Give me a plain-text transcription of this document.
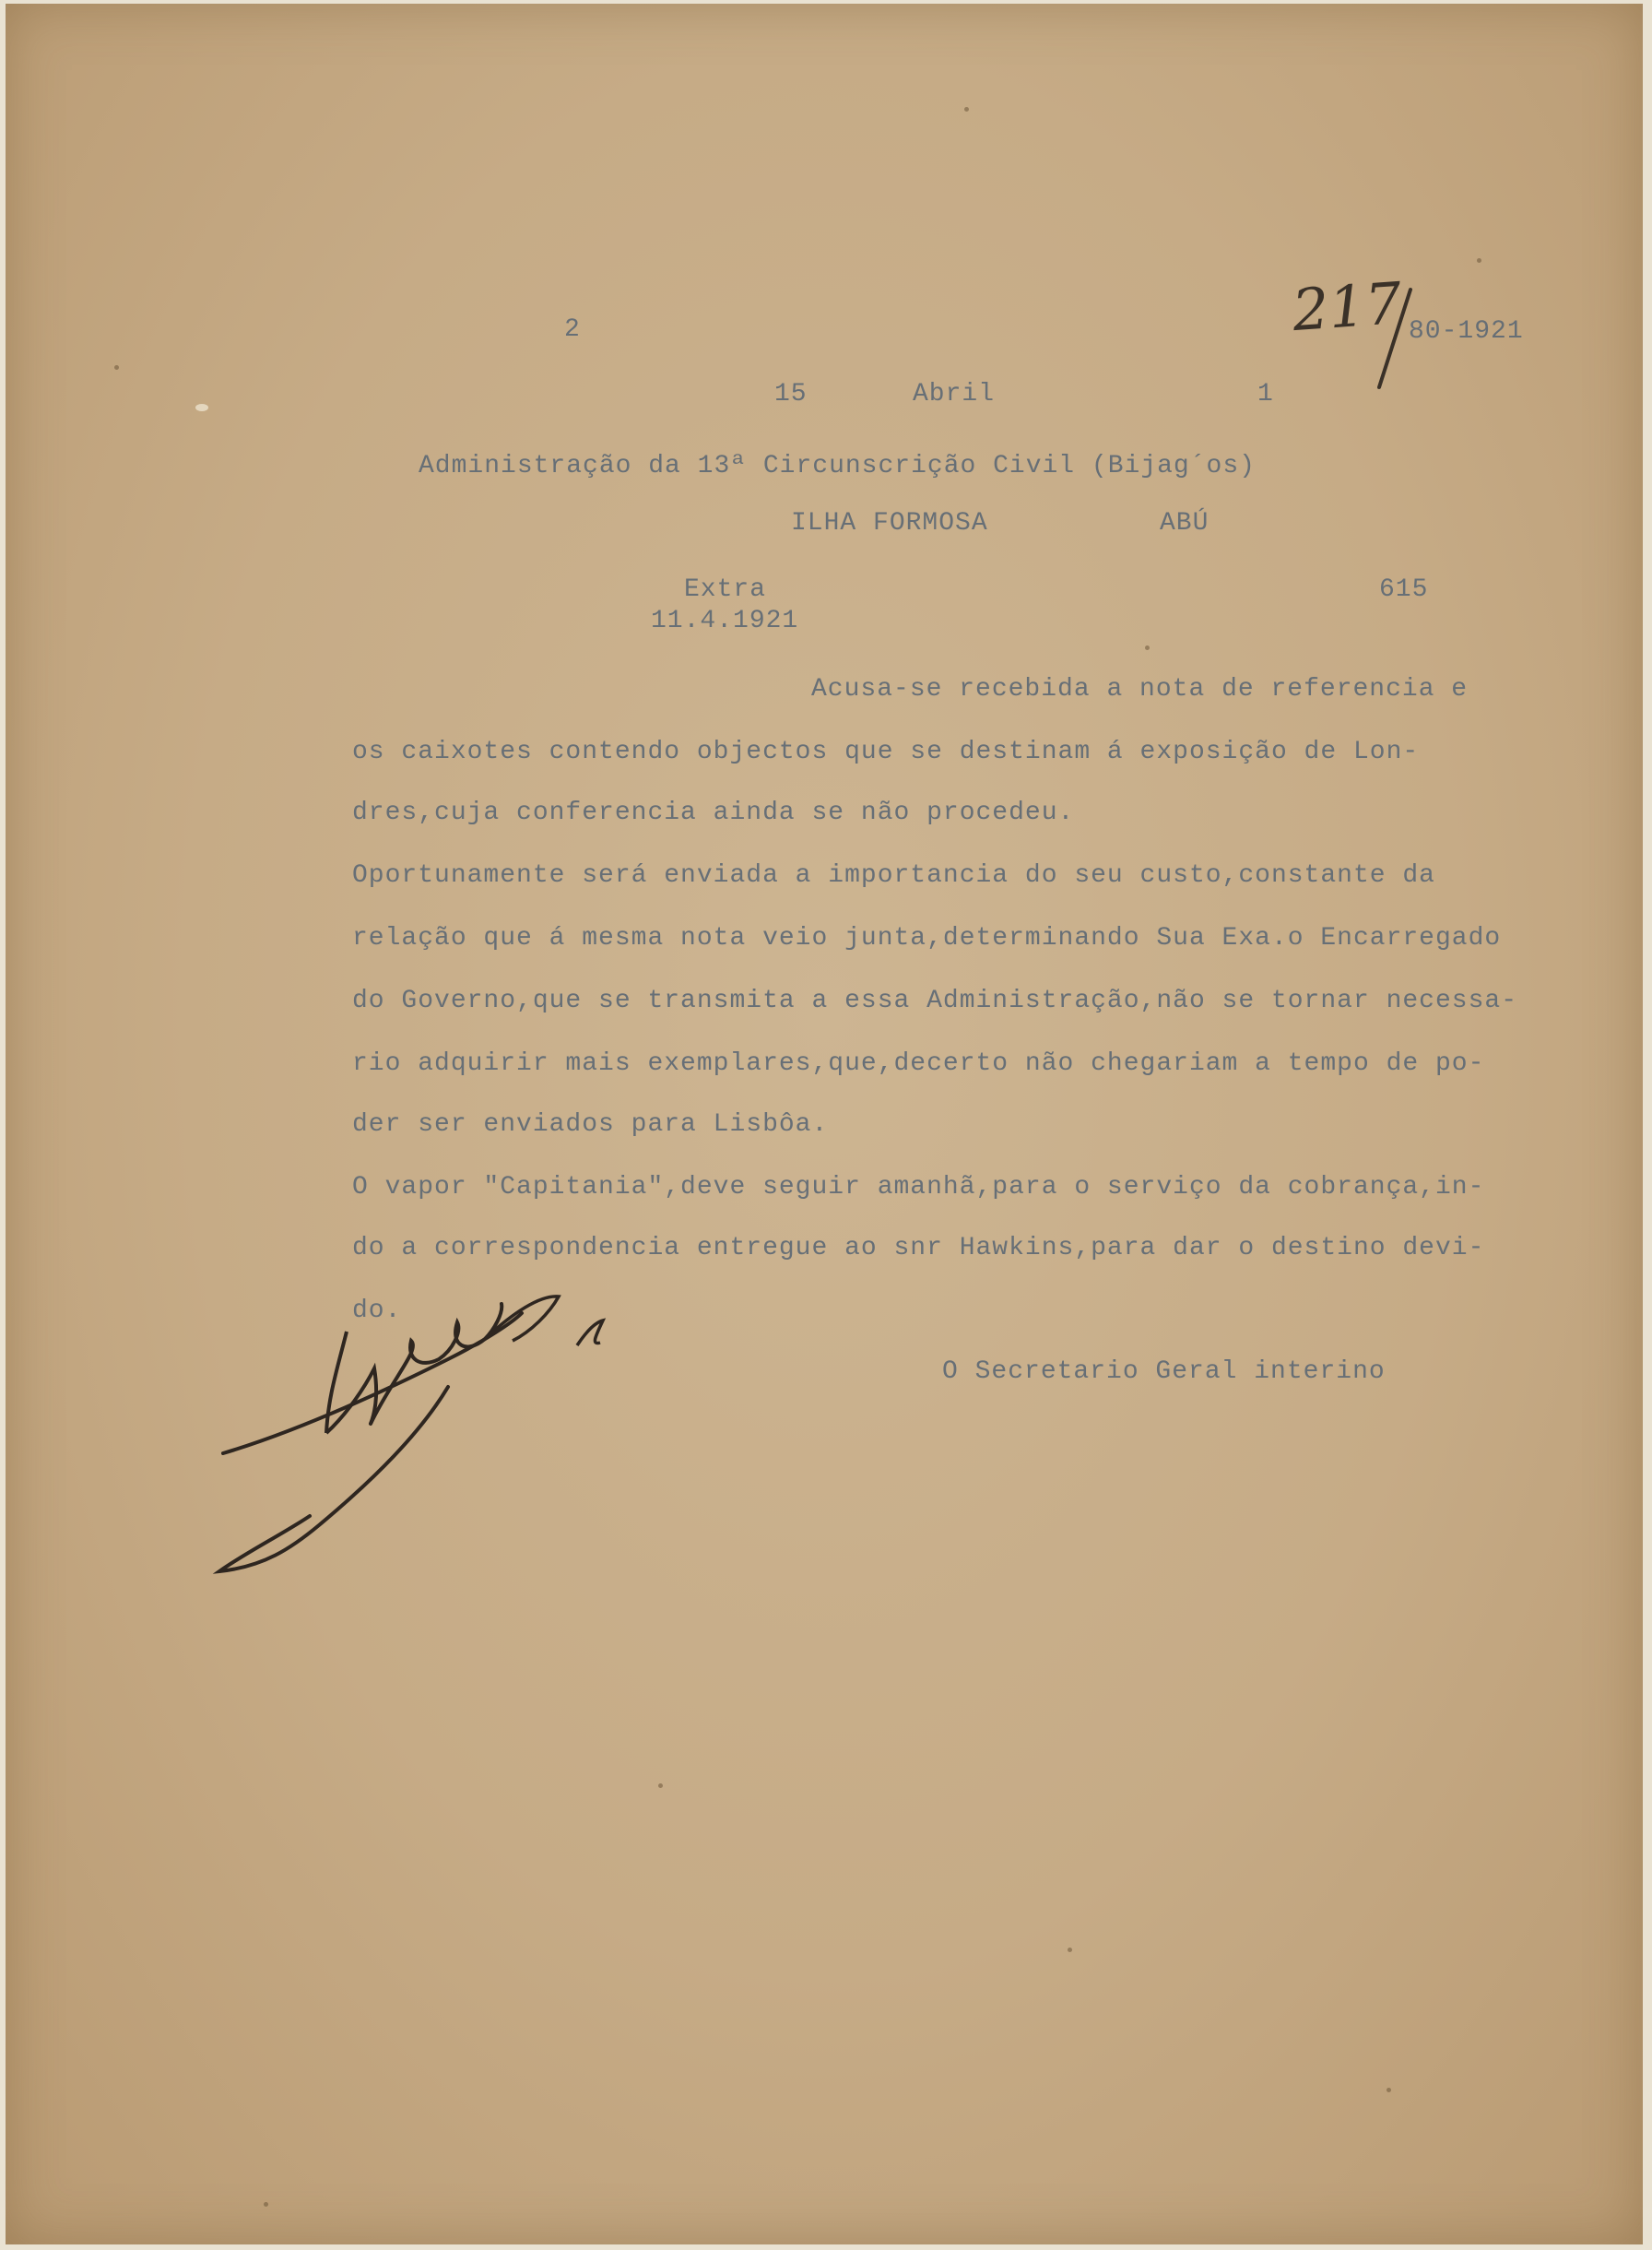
2	217 80-1921
15	Abril	1
Administração da 13ª Circunscrição Civil (Bijag´os)
ILHA FORMOSA	ABÚ
Extra
11.4.1921
615
Acusa-se recebida a nota de referencia e
os caixotes contendo objectos que se destinam á exposição de Lon-
dres,cuja conferencia ainda se não procedeu.
Oportunamente será enviada a importancia do seu custo,constante da
relação que á mesma nota veio junta,determinando Sua Exa.o Encarregado
do Governo,que se transmita a essa Administração,não se tornar necessa-
rio adquirir mais exemplares,que,decerto não chegariam a tempo de po-
der ser enviados para Lisbôa.
O vapor "Capitania",deve seguir amanhã,para o serviço da cobrança,in-
do a correspondencia entregue ao snr Hawkins,para dar o destino devi-
do.
O Secretario Geral interino
